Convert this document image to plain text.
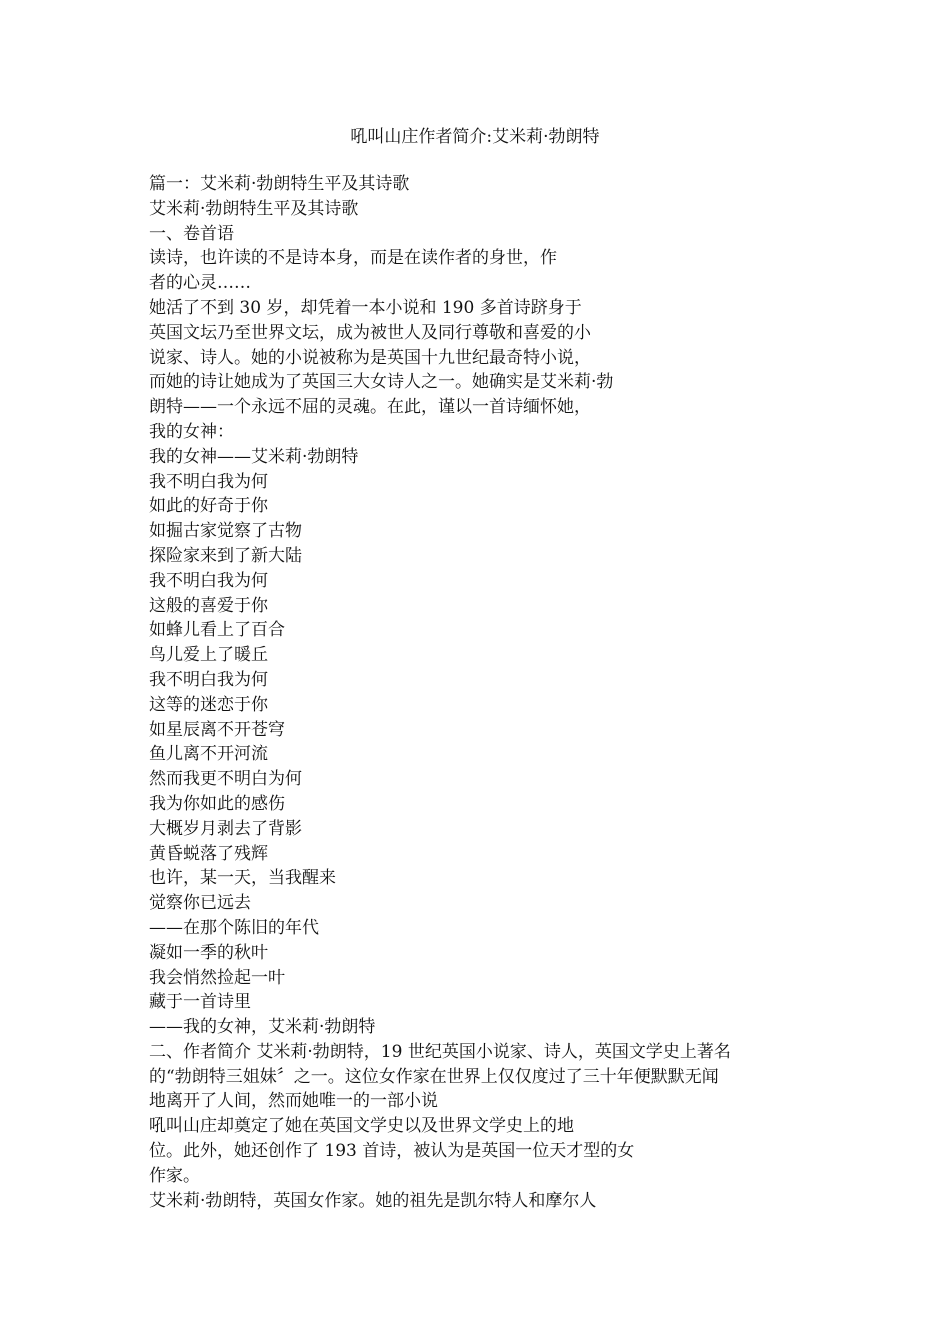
吼叫山庄作者简介:艾米莉·勃朗特
篇一：艾米莉·勃朗特生平及其诗歌
艾米莉·勃朗特生平及其诗歌
一、卷首语
读诗，也许读的不是诗本身，而是在读作者的身世，作
者的心灵……
她活了不到 30 岁，却凭着一本小说和 190 多首诗跻身于
英国文坛乃至世界文坛，成为被世人及同行尊敬和喜爱的小
说家、诗人。她的小说被称为是英国十九世纪最奇特小说，
而她的诗让她成为了英国三大女诗人之一。她确实是艾米莉·勃
朗特——一个永远不屈的灵魂。在此，谨以一首诗缅怀她，
我的女神：
我的女神——艾米莉·勃朗特
我不明白我为何
如此的好奇于你
如掘古家觉察了古物
探险家来到了新大陆
我不明白我为何
这般的喜爱于你
如蜂儿看上了百合
鸟儿爱上了暖丘
我不明白我为何
这等的迷恋于你
如星辰离不开苍穹
鱼儿离不开河流
然而我更不明白为何
我为你如此的感伤
大概岁月剥去了背影
黄昏蜕落了残辉
也许，某一天，当我醒来
觉察你已远去
——在那个陈旧的年代
凝如一季的秋叶
我会悄然捡起一叶
藏于一首诗里
——我的女神，艾米莉·勃朗特
二、作者简介 艾米莉·勃朗特，19 世纪英国小说家、诗人，英国文学史上著名
的“勃朗特三姐妹〞之一。这位女作家在世界上仅仅度过了三十年便默默无闻
地离开了人间，然而她唯一的一部小说
吼叫山庄却奠定了她在英国文学史以及世界文学史上的地
位。此外，她还创作了 193 首诗，被认为是英国一位天才型的女
作家。
艾米莉·勃朗特，英国女作家。她的祖先是凯尔特人和摩尔人
